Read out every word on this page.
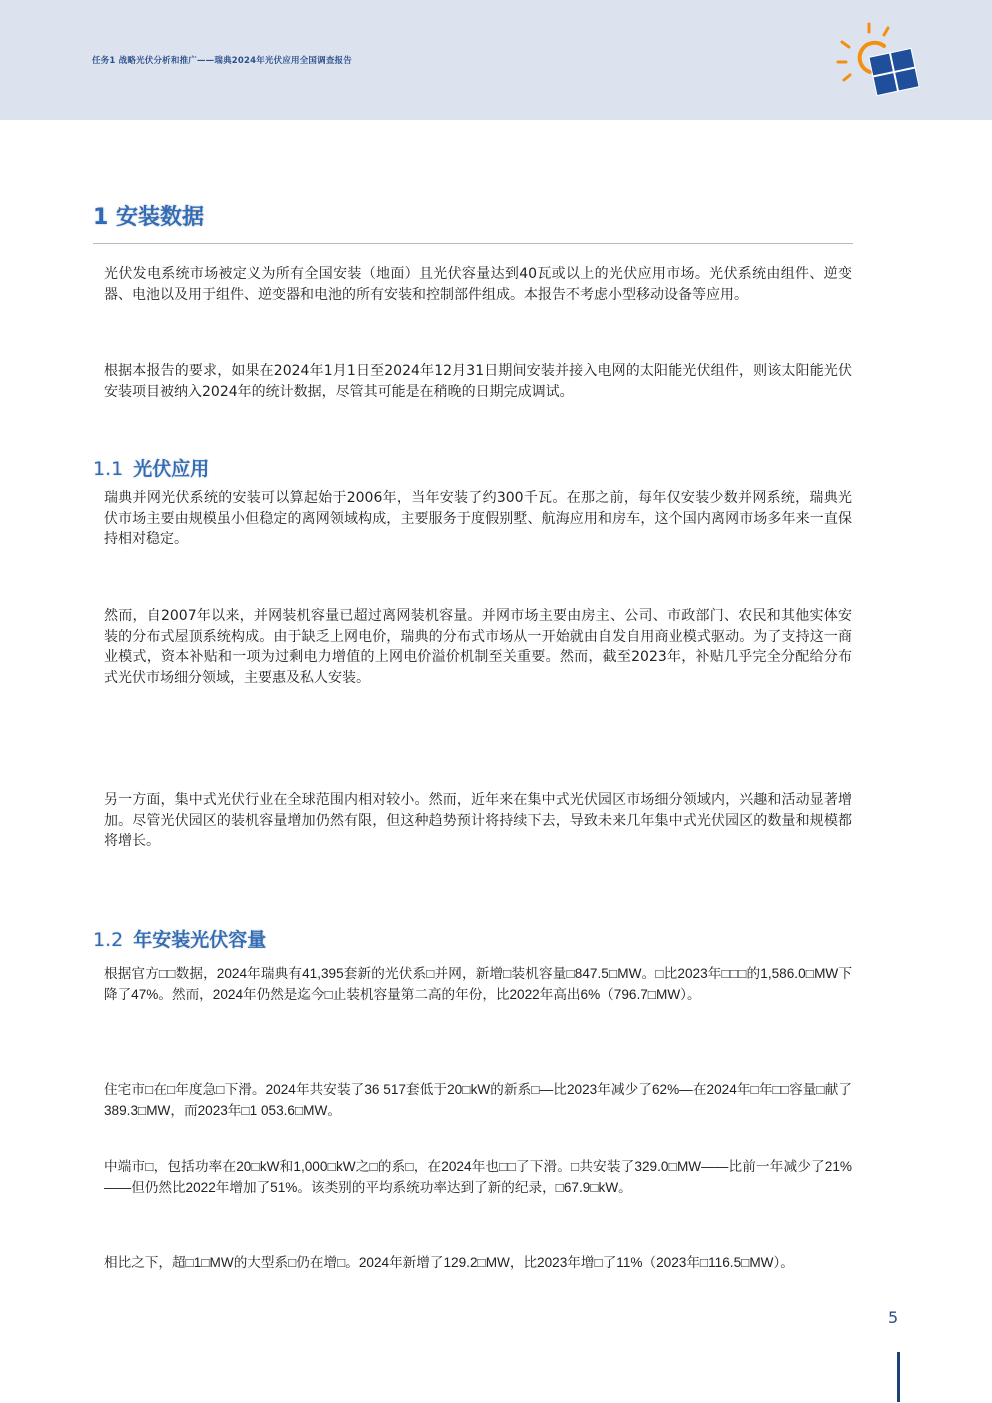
任务1 战略光伏分析和推广——瑞典2024年光伏应用全国调查报告
1 安装数据
光伏发电系统市场被定义为所有全国安装（地面）且光伏容量达到40瓦或以上的光伏应用市场。光伏系统由组件、逆变器、电池以及用于组件、逆变器和电池的所有安装和控制部件组成。本报告不考虑小型移动设备等应用。
根据本报告的要求，如果在2024年1月1日至2024年12月31日期间安装并接入电网的太阳能光伏组件，则该太阳能光伏安装项目被纳入2024年的统计数据，尽管其可能是在稍晚的日期完成调试。
1.1 光伏应用
瑞典并网光伏系统的安装可以算起始于2006年，当年安装了约300千瓦。在那之前，每年仅安装少数并网系统，瑞典光伏市场主要由规模虽小但稳定的离网领域构成，主要服务于度假别墅、航海应用和房车，这个国内离网市场多年来一直保持相对稳定。
然而，自2007年以来，并网装机容量已超过离网装机容量。并网市场主要由房主、公司、市政部门、农民和其他实体安装的分布式屋顶系统构成。由于缺乏上网电价，瑞典的分布式市场从一开始就由自发自用商业模式驱动。为了支持这一商业模式，资本补贴和一项为过剩电力增值的上网电价溢价机制至关重要。然而，截至2023年，补贴几乎完全分配给分布式光伏市场细分领域，主要惠及私人安装。
另一方面，集中式光伏行业在全球范围内相对较小。然而，近年来在集中式光伏园区市场细分领域内，兴趣和活动显著增加。尽管光伏园区的装机容量增加仍然有限，但这种趋势预计将持续下去，导致未来几年集中式光伏园区的数量和规模都将增长。
1.2 年安装光伏容量
根据官方□□数据，2024年瑞典有41,395套新的光伏系□并网，新增□装机容量□847.5□MW。□比2023年□□□的1,586.0□MW下降了47%。然而，2024年仍然是迄今□止装机容量第二高的年份，比2022年高出6%（796.7□MW）。
住宅市□在□年度急□下滑。2024年共安装了36 517套低于20□kW的新系□—比2023年减少了62%—在2024年□年□□容量□献了389.3□MW，而2023年□1 053.6□MW。
中端市□，包括功率在20□kW和1,000□kW之□的系□，在2024年也□□了下滑。□共安装了329.0□MW——比前一年减少了21%——但仍然比2022年增加了51%。该类别的平均系统功率达到了新的纪录，□67.9□kW。
相比之下，超□1□MW的大型系□仍在增□。2024年新增了129.2□MW，比2023年增□了11%（2023年□116.5□MW）。
5
